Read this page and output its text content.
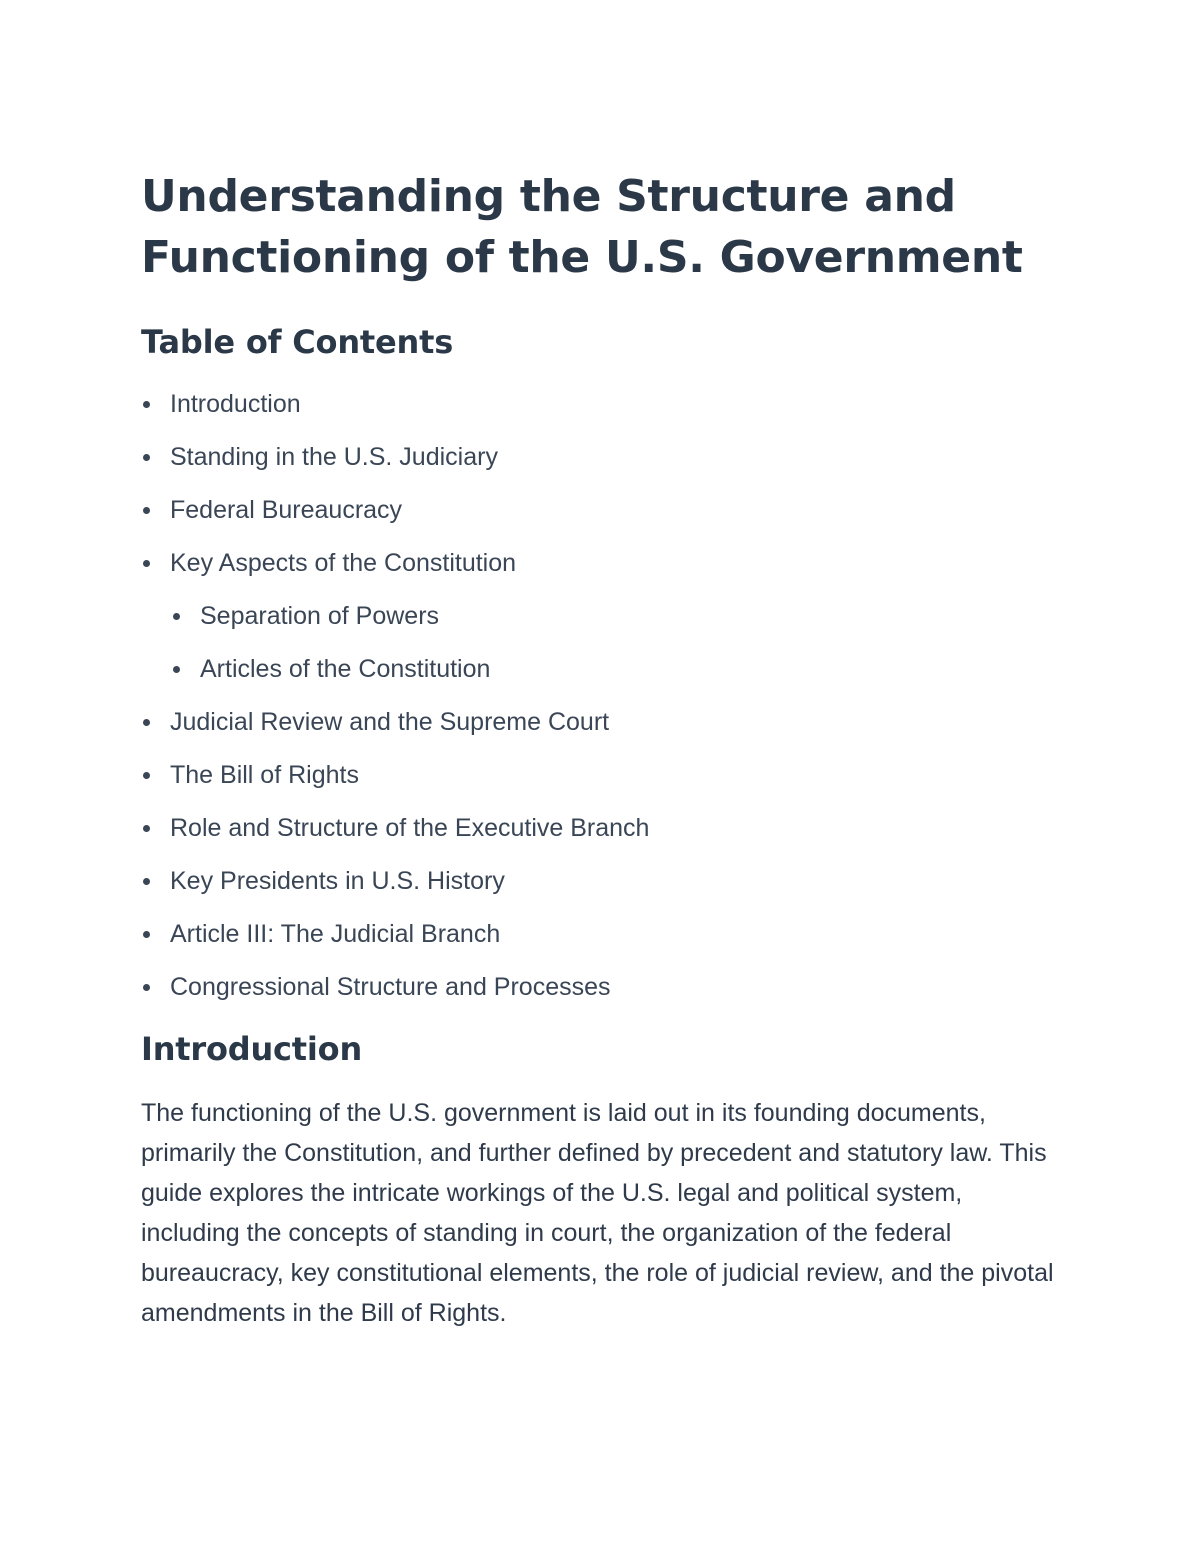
Understanding the Structure and Functioning of the U.S. Government
Table of Contents
Introduction
Standing in the U.S. Judiciary
Federal Bureaucracy
Key Aspects of the Constitution
Separation of Powers
Articles of the Constitution
Judicial Review and the Supreme Court
The Bill of Rights
Role and Structure of the Executive Branch
Key Presidents in U.S. History
Article III: The Judicial Branch
Congressional Structure and Processes
Introduction

The functioning of the U.S. government is laid out in its founding documents, primarily the Constitution, and further defined by precedent and statutory law. This guide explores the intricate workings of the U.S. legal and political system, including the concepts of standing in court, the organization of the federal bureaucracy, key constitutional elements, the role of judicial review, and the pivotal amendments in the Bill of Rights.
